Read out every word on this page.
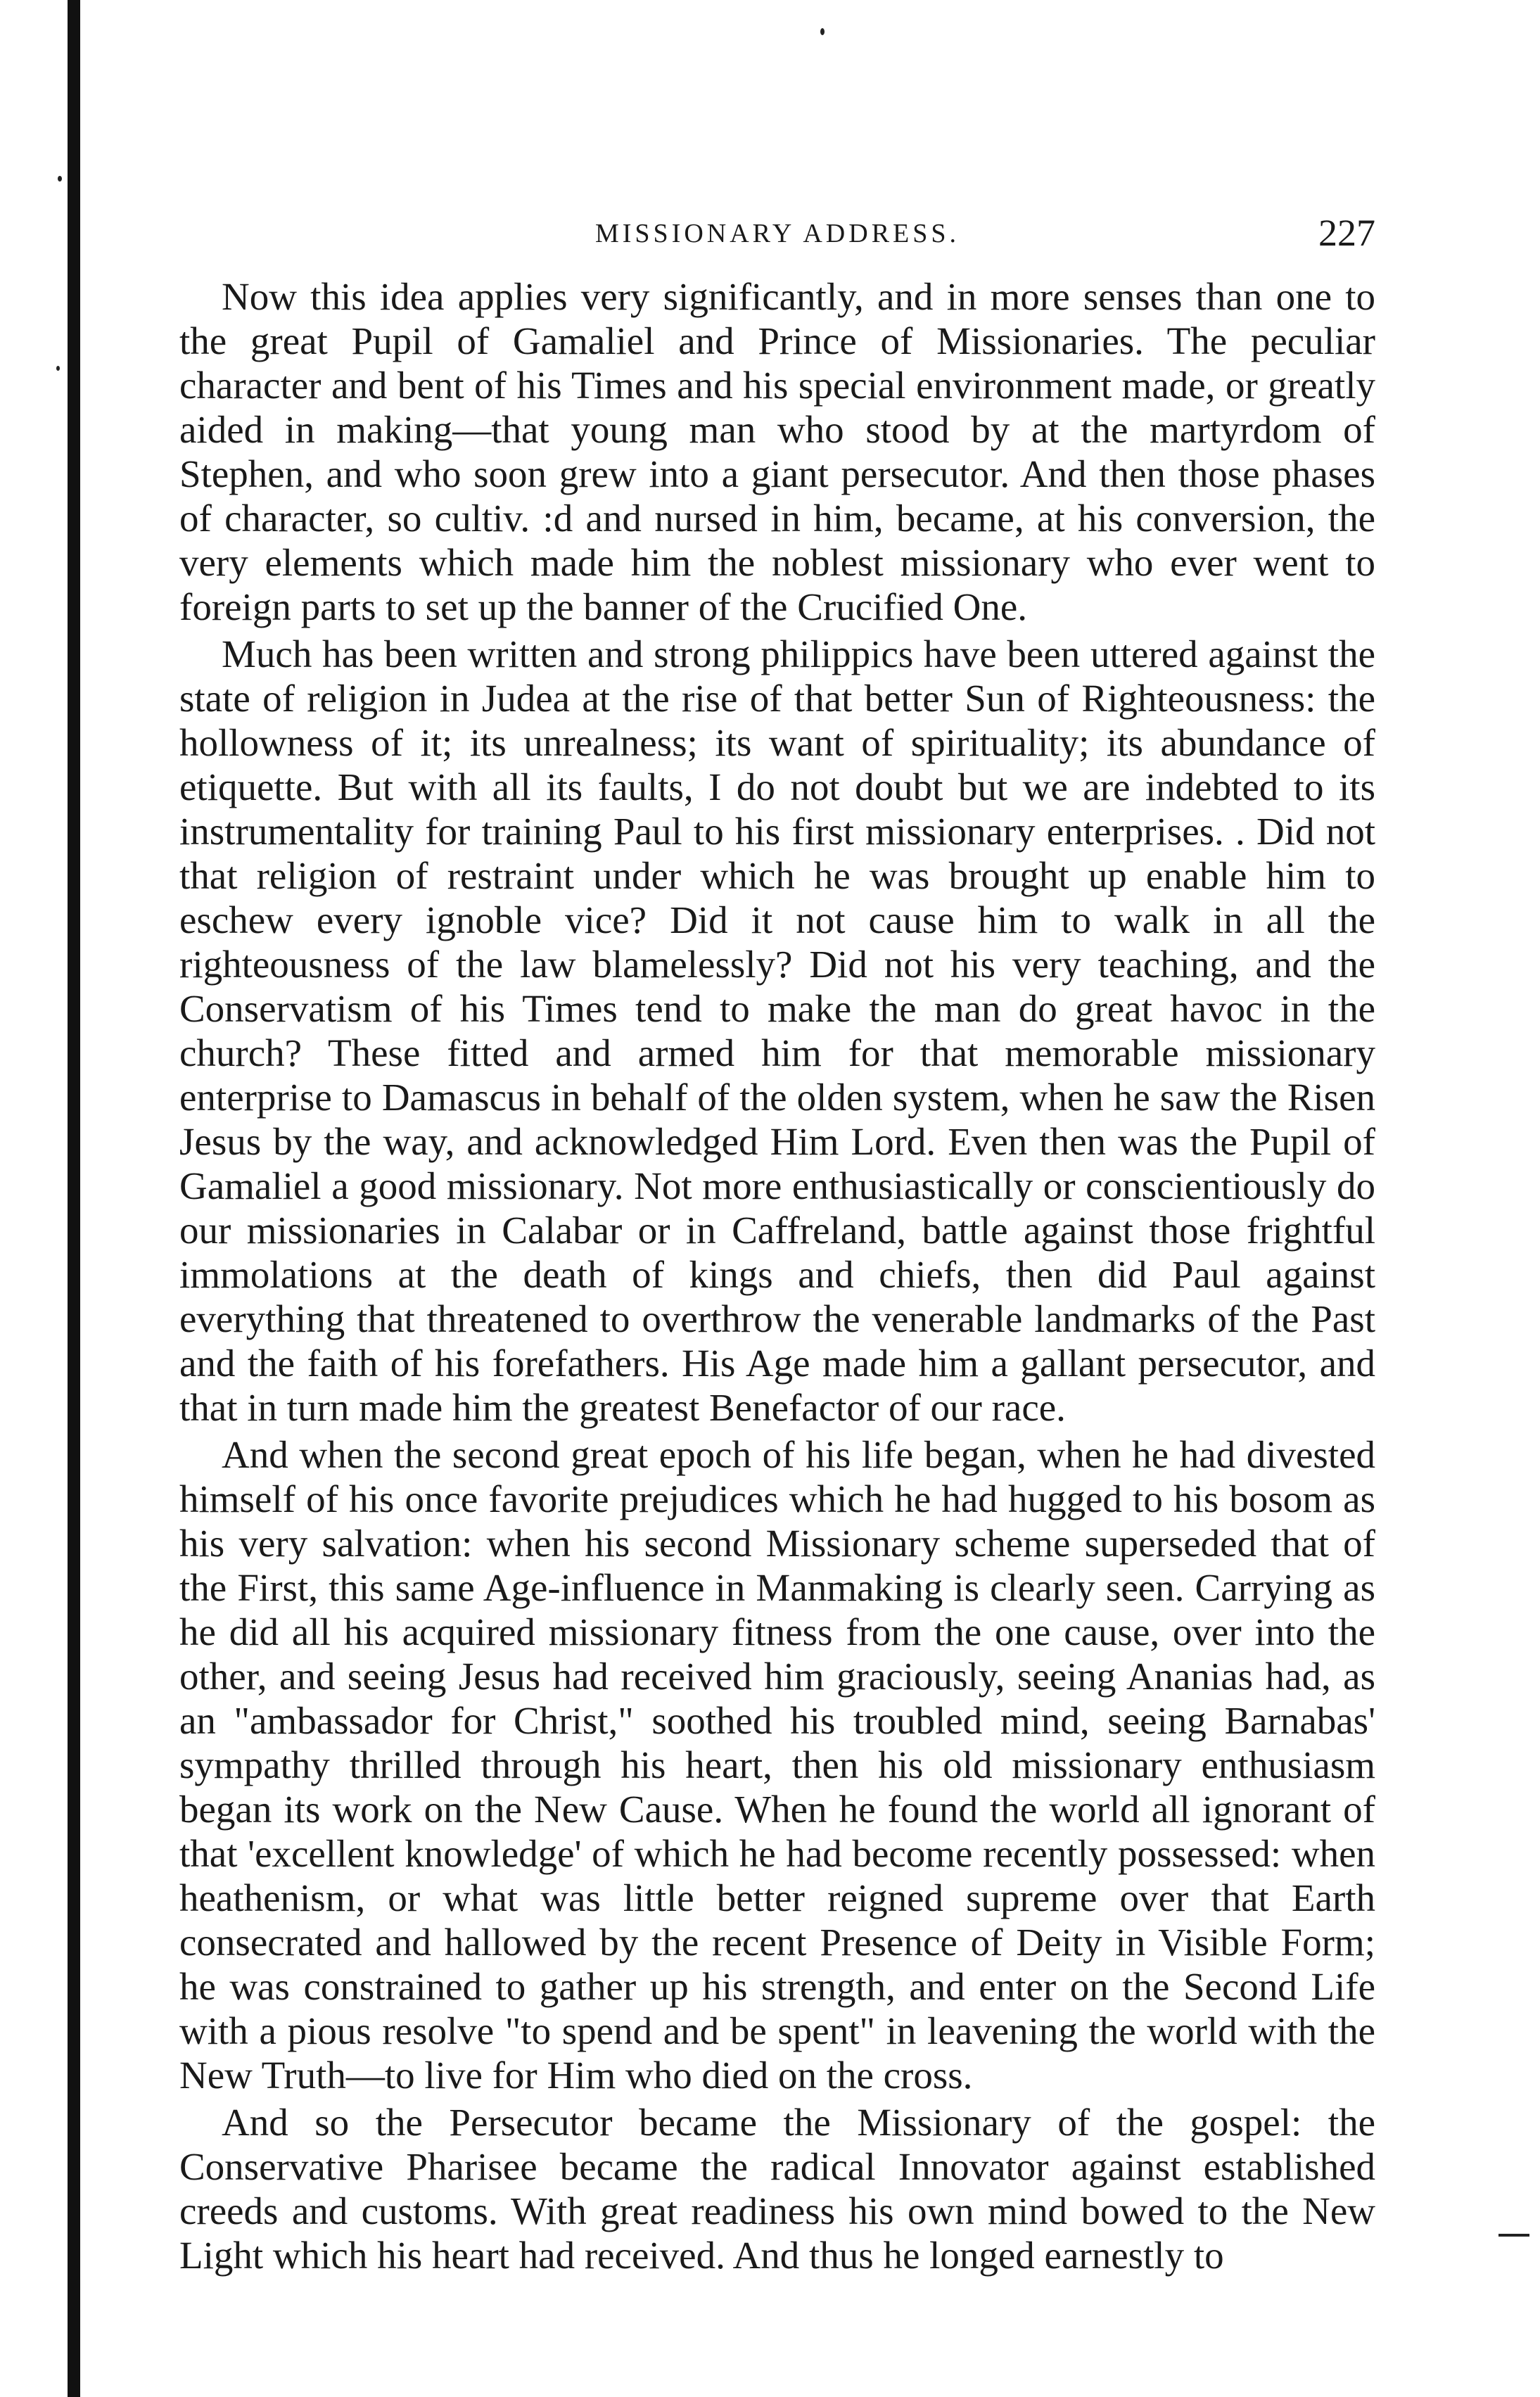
MISSIONARY ADDRESS.	227

Now this idea applies very significantly, and in more senses than one to the great Pupil of Gamaliel and Prince of Missionaries. The peculiar character and bent of his Times and his special environment made, or greatly aided in making—that young man who stood by at the martyrdom of Stephen, and who soon grew into a giant persecutor. And then those phases of character, so cultiv. :d and nursed in him, became, at his conversion, the very elements which made him the noblest missionary who ever went to foreign parts to set up the banner of the Crucified One.

Much has been written and strong philippics have been uttered against the state of religion in Judea at the rise of that better Sun of Righteousness: the hollowness of it; its unrealness; its want of spirituality; its abundance of etiquette. But with all its faults, I do not doubt but we are indebted to its instrumentality for training Paul to his first missionary enterprises. . Did not that religion of restraint under which he was brought up enable him to eschew every ignoble vice? Did it not cause him to walk in all the righteousness of the law blamelessly? Did not his very teaching, and the Conservatism of his Times tend to make the man do great havoc in the church? These fitted and armed him for that memorable missionary enterprise to Damascus in behalf of the olden system, when he saw the Risen Jesus by the way, and acknowledged Him Lord. Even then was the Pupil of Gamaliel a good missionary. Not more enthusiastically or conscientiously do our missionaries in Calabar or in Caffreland, battle against those frightful immolations at the death of kings and chiefs, then did Paul against everything that threatened to overthrow the venerable landmarks of the Past and the faith of his forefathers. His Age made him a gallant persecutor, and that in turn made him the greatest Benefactor of our race.

And when the second great epoch of his life began, when he had divested himself of his once favorite prejudices which he had hugged to his bosom as his very salvation: when his second Missionary scheme superseded that of the First, this same Age-influence in Manmaking is clearly seen. Carrying as he did all his acquired missionary fitness from the one cause, over into the other, and seeing Jesus had received him graciously, seeing Ananias had, as an "ambassador for Christ," soothed his troubled mind, seeing Barnabas' sympathy thrilled through his heart, then his old missionary enthusiasm began its work on the New Cause. When he found the world all ignorant of that 'excellent knowledge' of which he had become recently possessed: when heathenism, or what was little better reigned supreme over that Earth consecrated and hallowed by the recent Presence of Deity in Visible Form; he was constrained to gather up his strength, and enter on the Second Life with a pious resolve "to spend and be spent" in leavening the world with the New Truth—to live for Him who died on the cross.

And so the Persecutor became the Missionary of the gospel: the Conservative Pharisee became the radical Innovator against established creeds and customs. With great readiness his own mind bowed to the New Light which his heart had received. And thus he longed earnestly to
